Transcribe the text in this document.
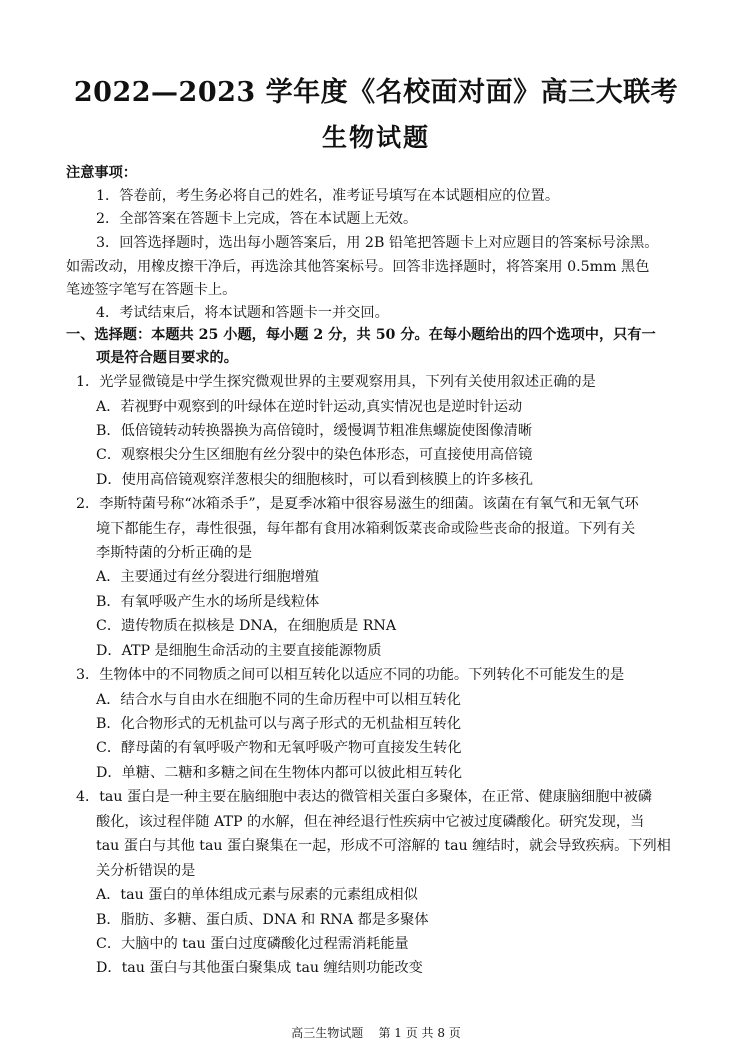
2022—2023 学年度《名校面对面》高三大联考
生物试题
注意事项：
1．答卷前，考生务必将自己的姓名，准考证号填写在本试题相应的位置。
2．全部答案在答题卡上完成，答在本试题上无效。
3．回答选择题时，选出每小题答案后，用 2B 铅笔把答题卡上对应题目的答案标号涂黑。
如需改动，用橡皮擦干净后，再选涂其他答案标号。回答非选择题时，将答案用 0.5mm 黑色
笔迹签字笔写在答题卡上。
4．考试结束后，将本试题和答题卡一并交回。
一、选择题：本题共 25 小题，每小题 2 分，共 50 分。在每小题给出的四个选项中，只有一
项是符合题目要求的。
1．光学显微镜是中学生探究微观世界的主要观察用具，下列有关使用叙述正确的是
A．若视野中观察到的叶绿体在逆时针运动,真实情况也是逆时针运动
B．低倍镜转动转换器换为高倍镜时，缓慢调节粗准焦螺旋使图像清晰
C．观察根尖分生区细胞有丝分裂中的染色体形态，可直接使用高倍镜
D．使用高倍镜观察洋葱根尖的细胞核时，可以看到核膜上的许多核孔
2．李斯特菌号称“冰箱杀手”，是夏季冰箱中很容易滋生的细菌。该菌在有氧气和无氧气环
境下都能生存，毒性很强，每年都有食用冰箱剩饭菜丧命或险些丧命的报道。下列有关
李斯特菌的分析正确的是
A．主要通过有丝分裂进行细胞增殖
B．有氧呼吸产生水的场所是线粒体
C．遗传物质在拟核是 DNA，在细胞质是 RNA
D．ATP 是细胞生命活动的主要直接能源物质
3．生物体中的不同物质之间可以相互转化以适应不同的功能。下列转化不可能发生的是
A．结合水与自由水在细胞不同的生命历程中可以相互转化
B．化合物形式的无机盐可以与离子形式的无机盐相互转化
C．酵母菌的有氧呼吸产物和无氧呼吸产物可直接发生转化
D．单糖、二糖和多糖之间在生物体内都可以彼此相互转化
4．tau 蛋白是一种主要在脑细胞中表达的微管相关蛋白多聚体，在正常、健康脑细胞中被磷
酸化，该过程伴随 ATP 的水解，但在神经退行性疾病中它被过度磷酸化。研究发现，当
tau 蛋白与其他 tau 蛋白聚集在一起，形成不可溶解的 tau 缠结时，就会导致疾病。下列相
关分析错误的是
A．tau 蛋白的单体组成元素与尿素的元素组成相似
B．脂肪、多糖、蛋白质、DNA 和 RNA 都是多聚体
C．大脑中的 tau 蛋白过度磷酸化过程需消耗能量
D．tau 蛋白与其他蛋白聚集成 tau 缠结则功能改变
高三生物试题    第 1 页 共 8 页
